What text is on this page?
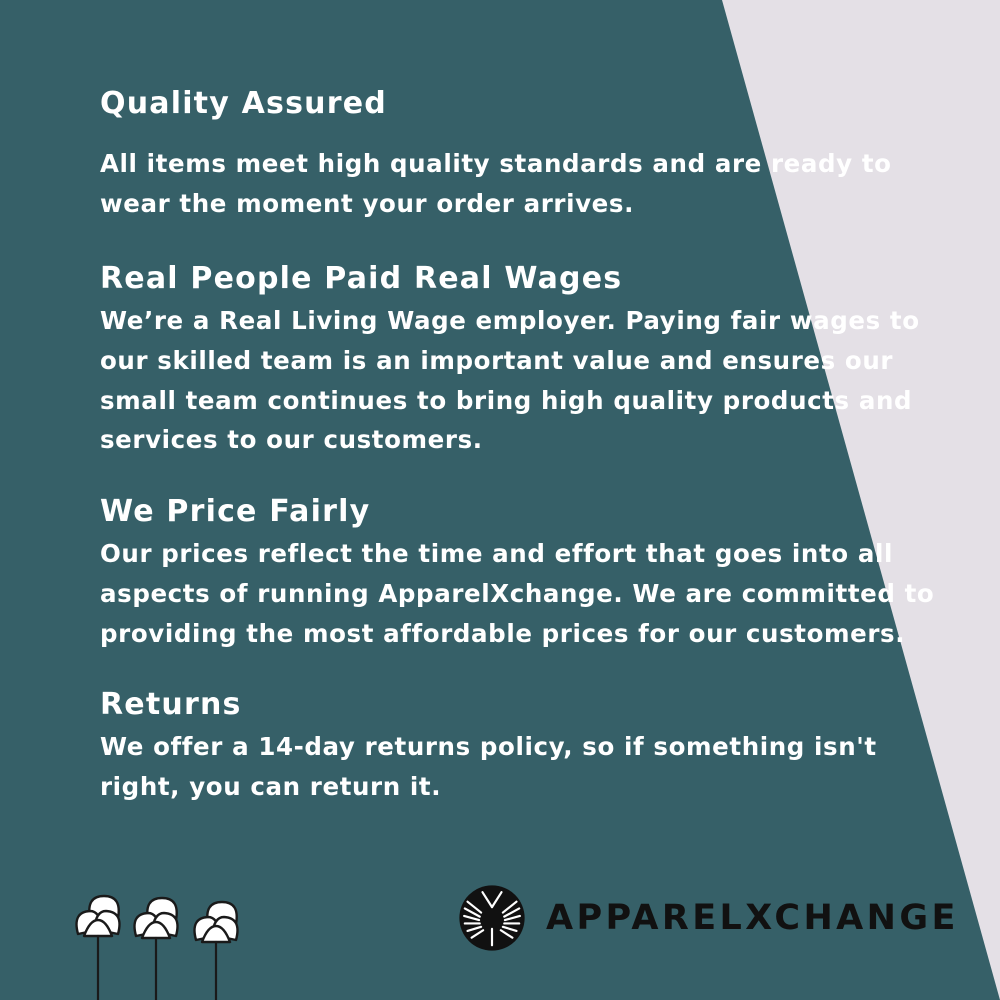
Quality Assured

All items meet high quality standards and are ready to wear the moment your order arrives.

Real People Paid Real Wages

We’re a Real Living Wage employer. Paying fair wages to our skilled team is an important value and ensures our small team continues to bring high quality products and services to our customers.

We Price Fairly

Our prices reflect the time and effort that goes into all aspects of running ApparelXchange. We are committed to providing the most affordable prices for our customers.

Returns

We offer a 14-day returns policy, so if something isn't right, you can return it.

APPARELXCHANGE
